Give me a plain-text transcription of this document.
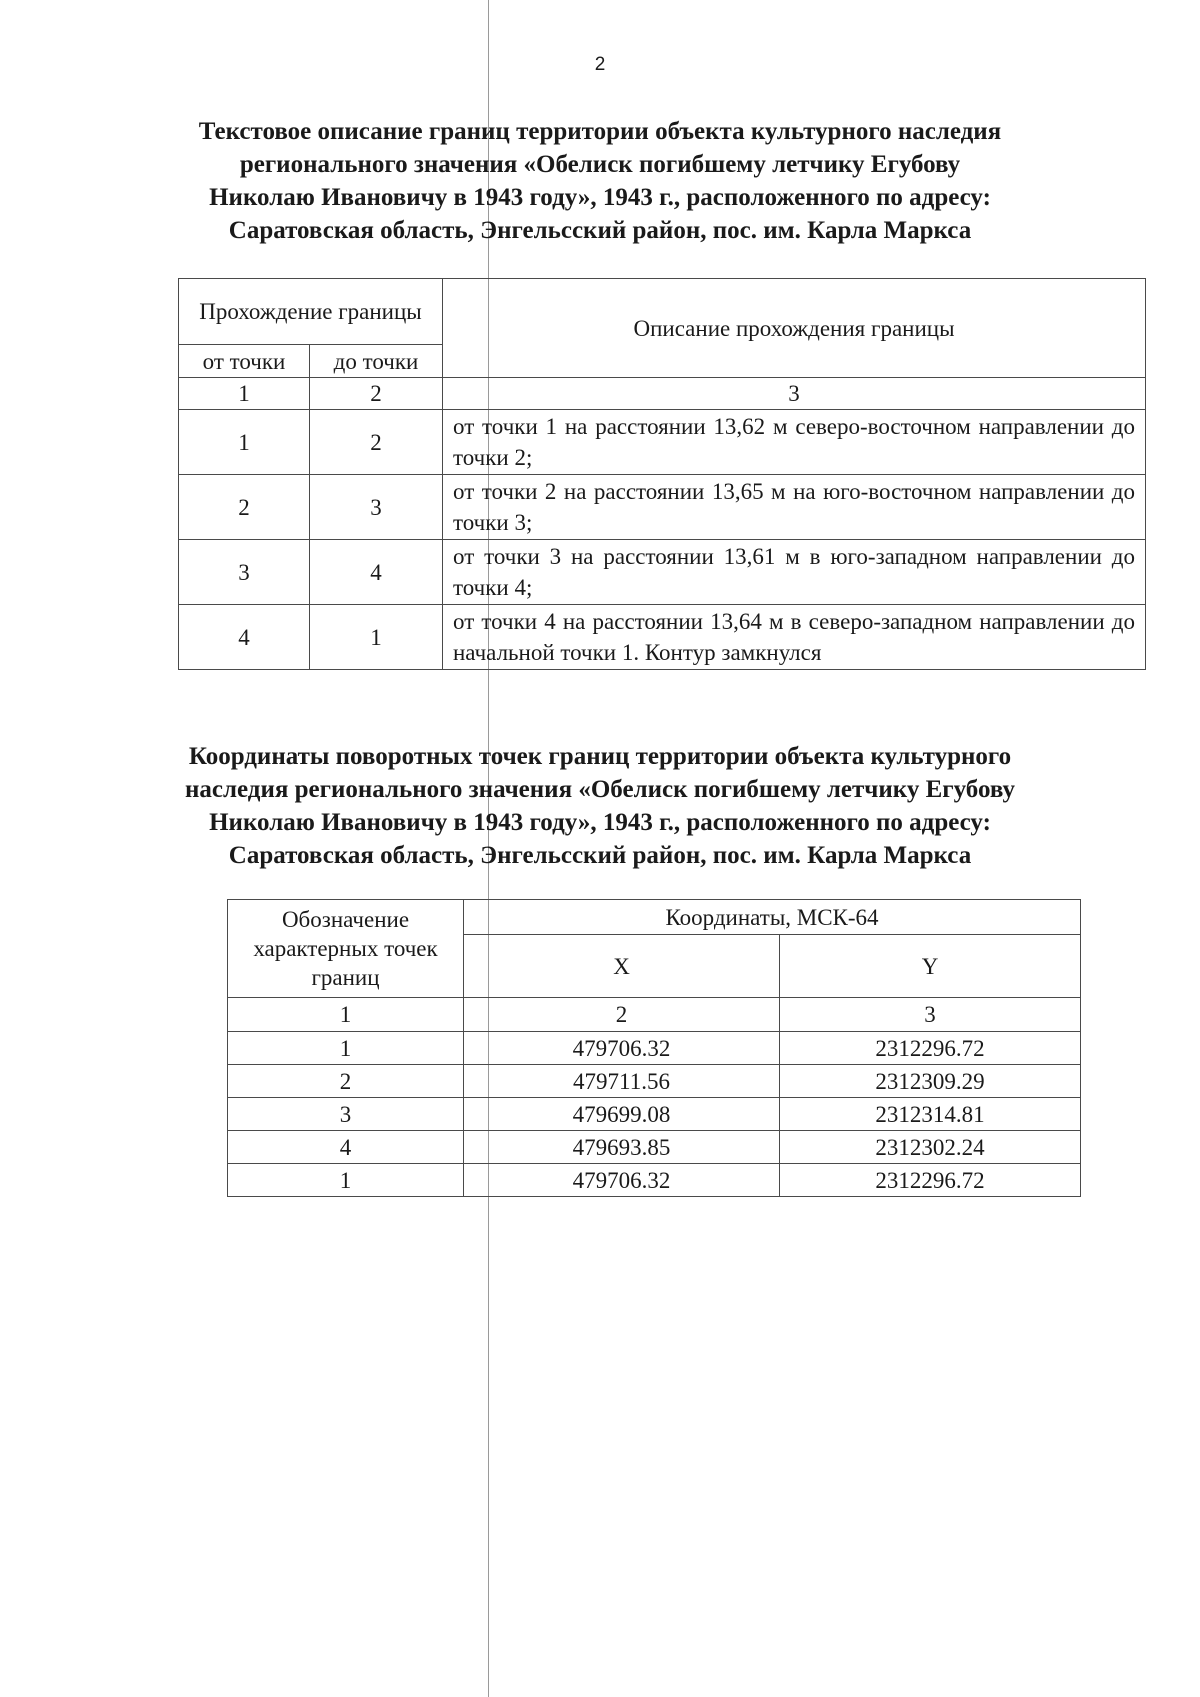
2
Текстовое описание границ территории объекта культурного наследия
регионального значения «Обелиск погибшему летчику Егубову
Николаю Ивановичу в 1943 году», 1943 г., расположенного по адресу:
Саратовская область, Энгельсский район, пос. им. Карла Маркса
Прохождение границы		Описание прохождения границы
от точки	до точки	
1	2	3
1	2	от точки 1 на расстоянии 13,62 м северо-восточном направлении до точки 2;
2	3	от точки 2 на расстоянии 13,65 м на юго-восточном направлении до точки 3;
3	4	от точки 3 на расстоянии 13,61 м в юго-западном направлении до точки 4;
4	1	от точки 4 на расстоянии 13,64 м в северо-западном направлении до начальной точки 1. Контур замкнулся
Координаты поворотных точек границ территории объекта культурного
наследия регионального значения «Обелиск погибшему летчику Егубову
Николаю Ивановичу в 1943 году», 1943 г., расположенного по адресу:
Саратовская область, Энгельсский район, пос. им. Карла Маркса
Обозначение характерных точек границ	Координаты, МСК-64	
	X	Y
1	2	3
1	479706.32	2312296.72
2	479711.56	2312309.29
3	479699.08	2312314.81
4	479693.85	2312302.24
1	479706.32	2312296.72
